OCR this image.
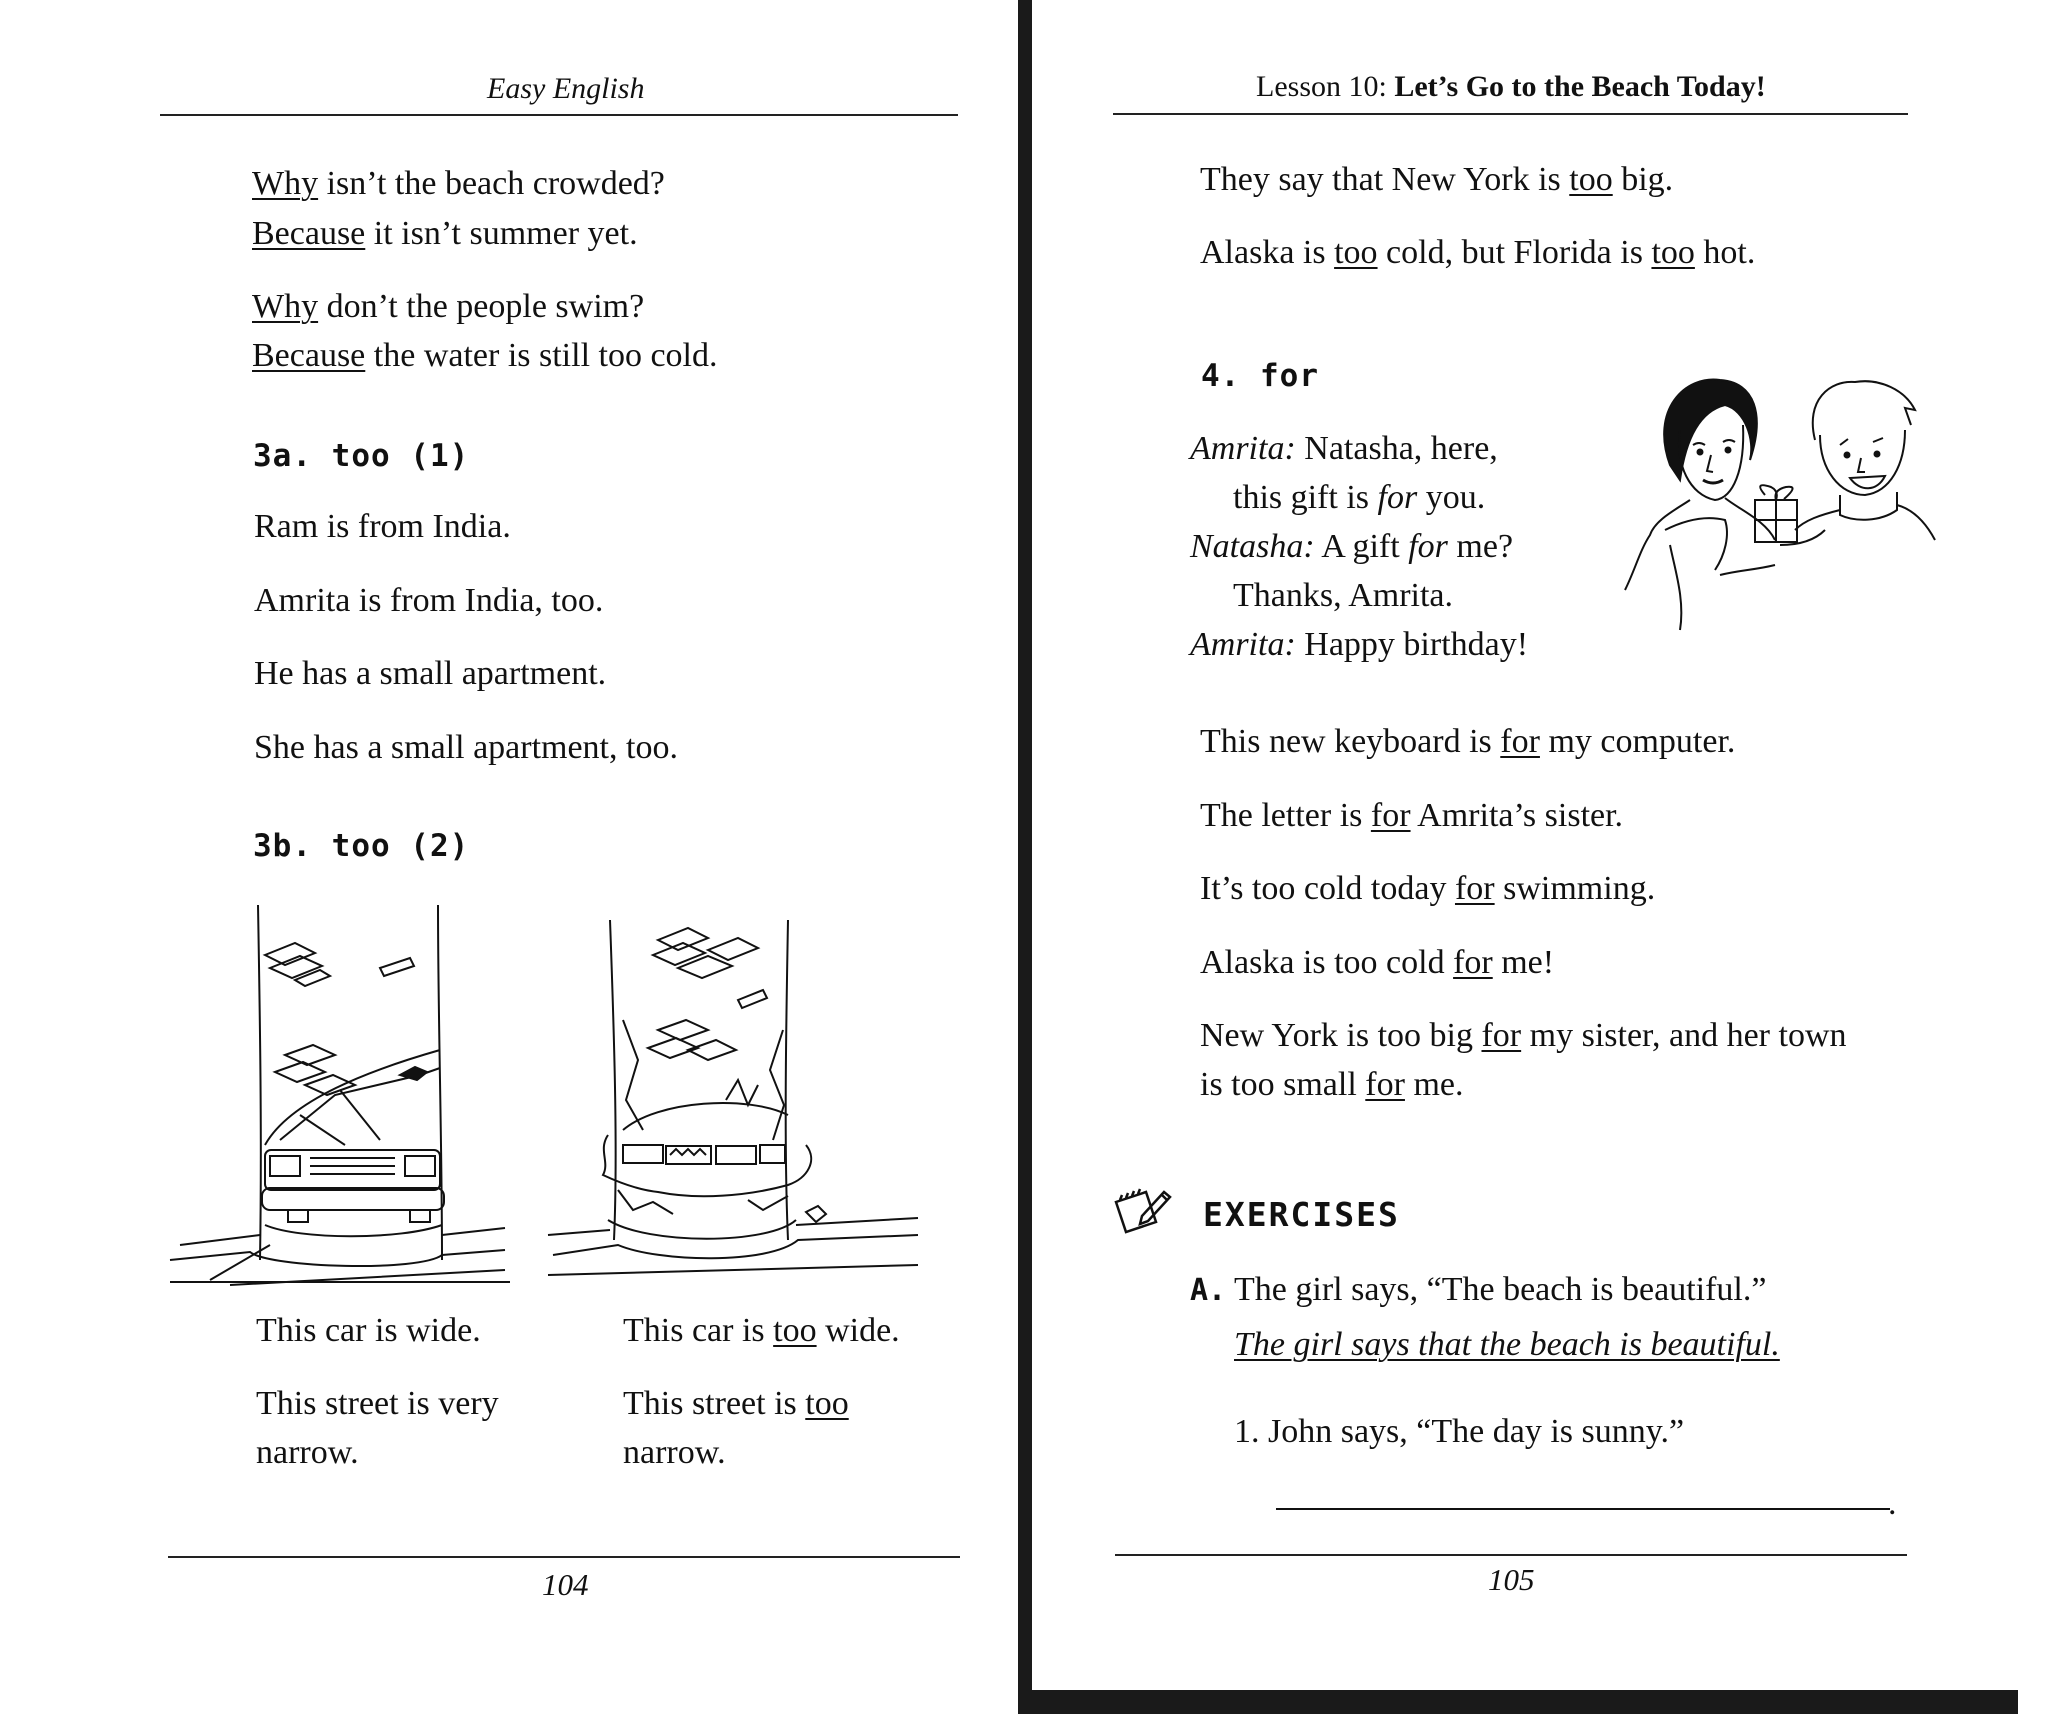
Easy English
Why isn’t the beach crowded?
Because it isn’t summer yet.
Why don’t the people swim?
Because the water is still too cold.
3a. too (1)
Ram is from India.
Amrita is from India, too.
He has a small apartment.
She has a small apartment, too.
3b. too (2)
This car is wide.
This street is very
narrow.
This car is too wide.
This street is too
narrow.
104
Lesson 10: Let’s Go to the Beach Today!
They say that New York is too big.
Alaska is too cold, but Florida is too hot.
4. for
Amrita: Natasha, here,
this gift is for you.
Natasha: A gift for me?
Thanks, Amrita.
Amrita: Happy birthday!
This new keyboard is for my computer.
The letter is for Amrita’s sister.
It’s too cold today for swimming.
Alaska is too cold for me!
New York is too big for my sister, and her town
is too small for me.
EXERCISES
A. The girl says, “The beach is beautiful.”
The girl says that the beach is beautiful.
1. John says, “The day is sunny.”
.
105
